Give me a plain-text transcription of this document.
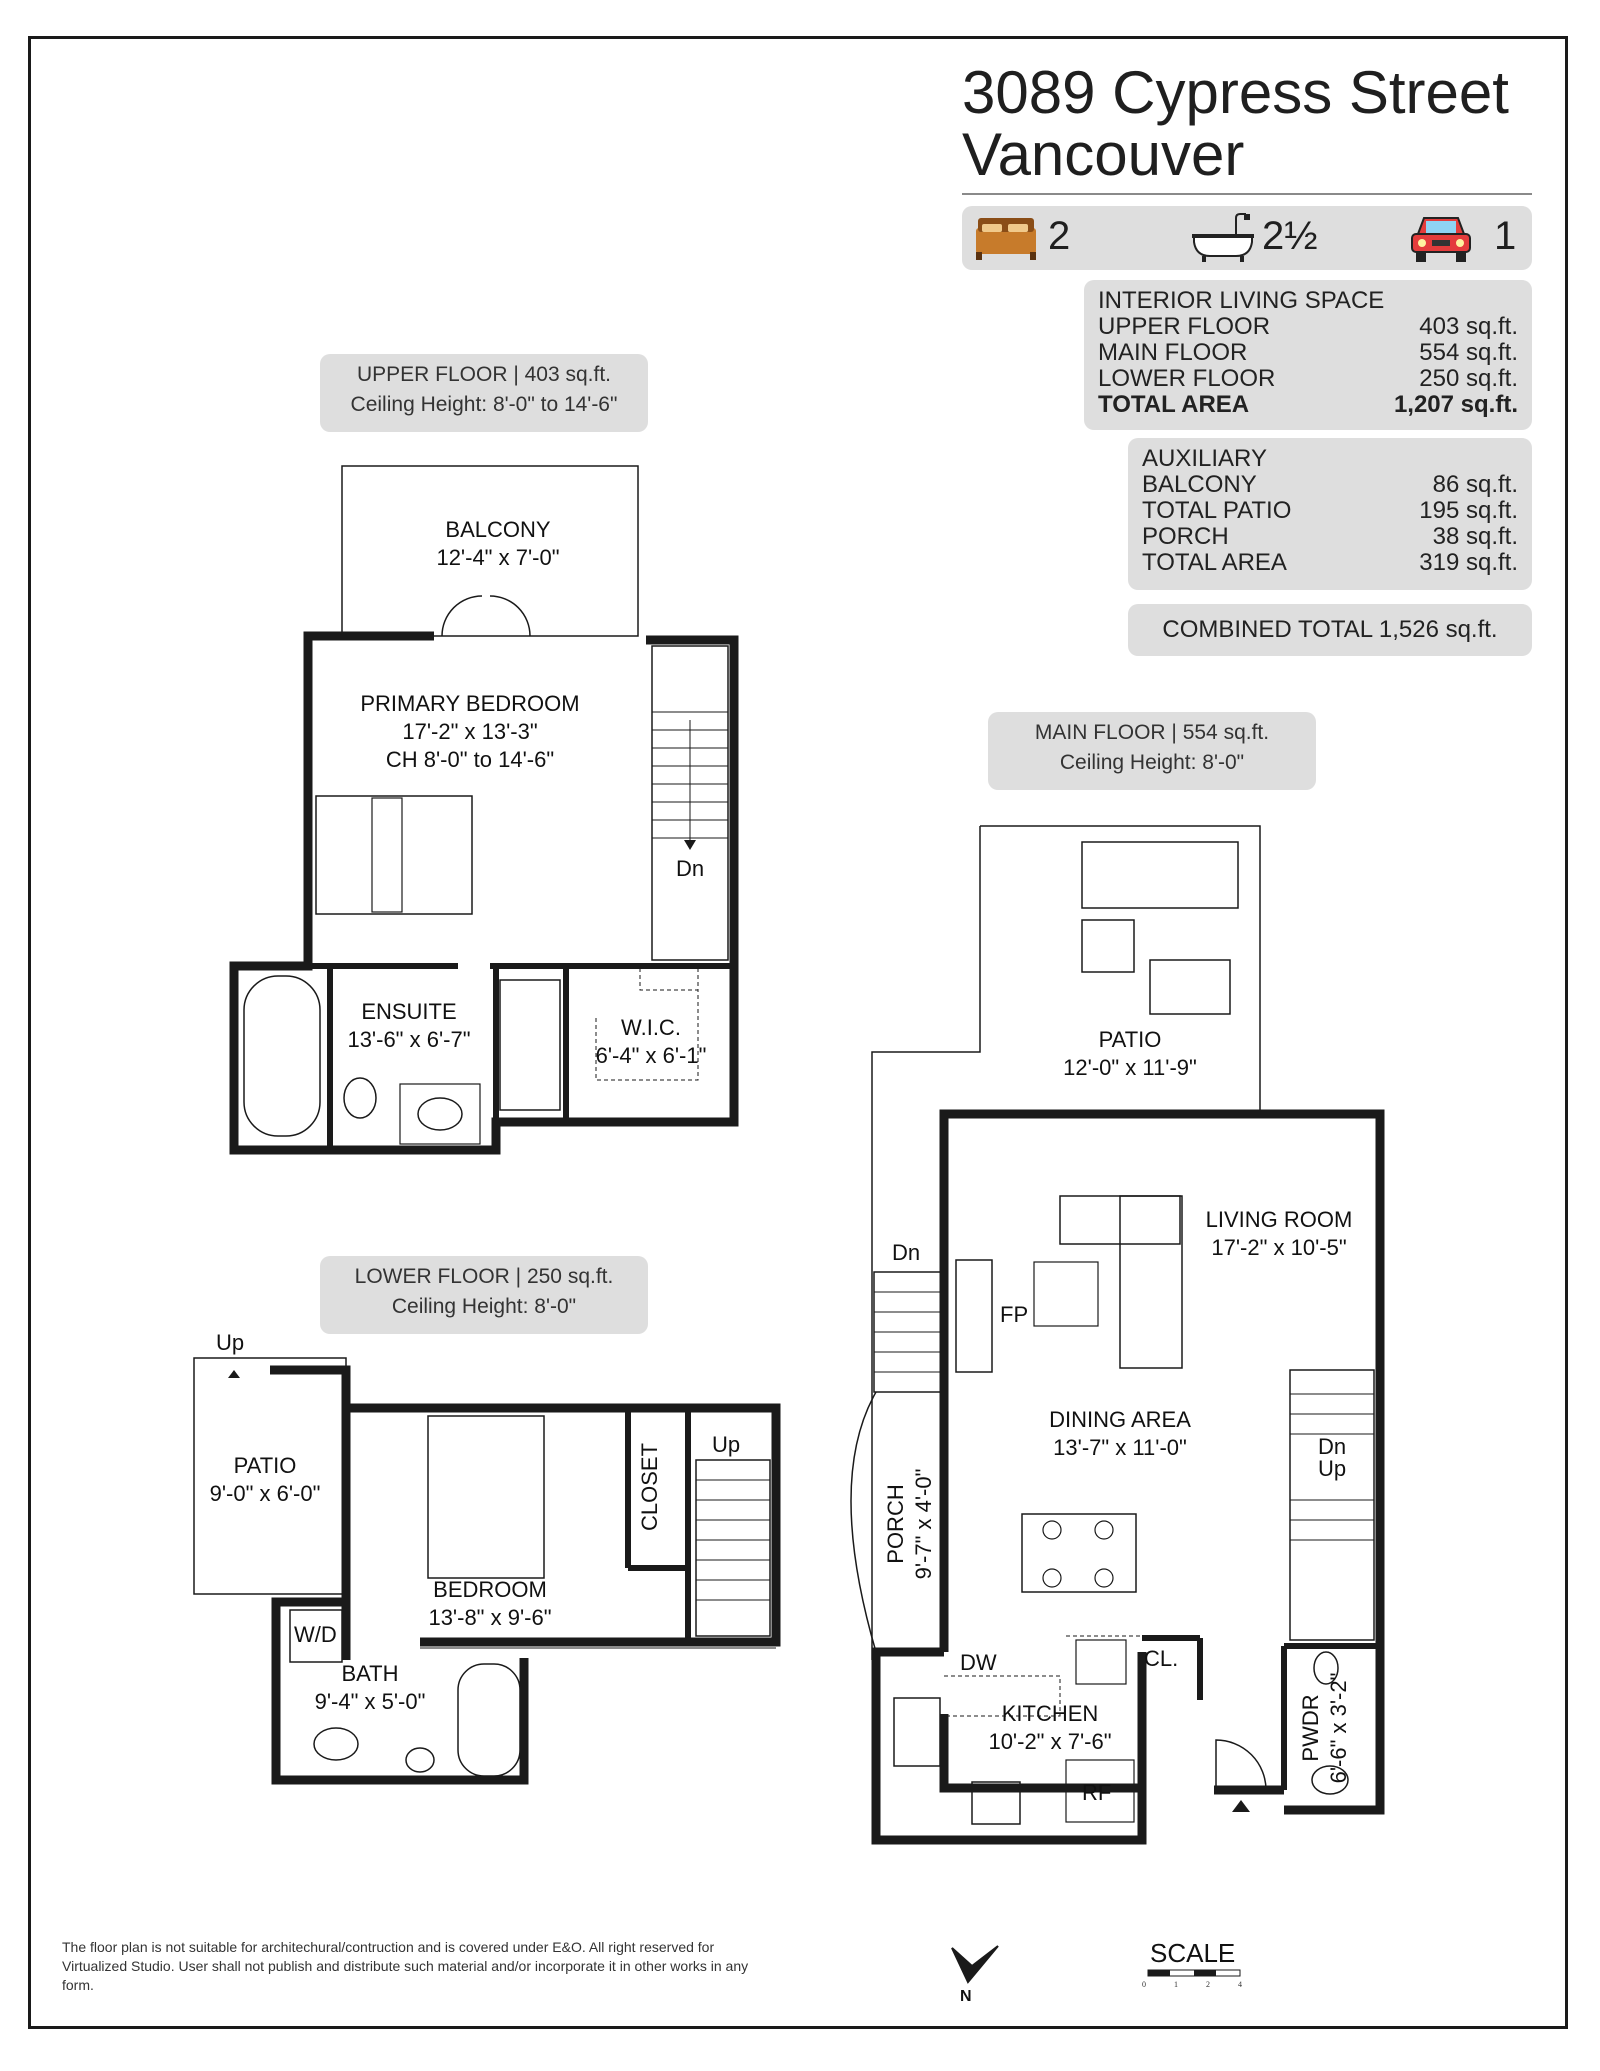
3089 Cypress Street
Vancouver
2	2½	1
INTERIOR LIVING SPACE
UPPER FLOOR	403 sq.ft.
MAIN FLOOR	554 sq.ft.
LOWER FLOOR	250 sq.ft.
TOTAL AREA	1,207 sq.ft.
AUXILIARY
BALCONY	86 sq.ft.
TOTAL PATIO	195 sq.ft.
PORCH	38 sq.ft.
TOTAL AREA	319 sq.ft.
COMBINED TOTAL 1,526 sq.ft.
UPPER FLOOR | 403 sq.ft.
Ceiling Height: 8'-0" to 14'-6"
MAIN FLOOR | 554 sq.ft.
Ceiling Height: 8'-0"
LOWER FLOOR | 250 sq.ft.
Ceiling Height: 8'-0"
BALCONY
12'-4" x 7'-0"
PRIMARY BEDROOM
17'-2" x 13'-3"
CH 8'-0" to 14'-6"
ENSUITE
13'-6" x 6'-7"	W.I.C.
6'-4" x 6'-1"
Dn
PATIO
12'-0" x 11'-9"
LIVING ROOM
17'-2" x 10'-5"
FP
DINING AREA
13'-7" x 11'-0"
PORCH 9'-7" x 4'-0"
KITCHEN
10'-2" x 7'-6"	PWDR 6'-6" x 3'-2"
DW	CL.
RF
Dn
Dn
Up
PATIO
9'-0" x 6'-0"
BEDROOM
13'-8" x 9'-6"
CLOSET
BATH
9'-4" x 5'-0"
W/D
Up
Up
The floor plan is not suitable for architechural/contruction and is covered under E&O. All right reserved for Virtualized Studio. User shall not publish and distribute such material and/or incorporate it in other works in any form.
N
SCALE
0	1	2	4
